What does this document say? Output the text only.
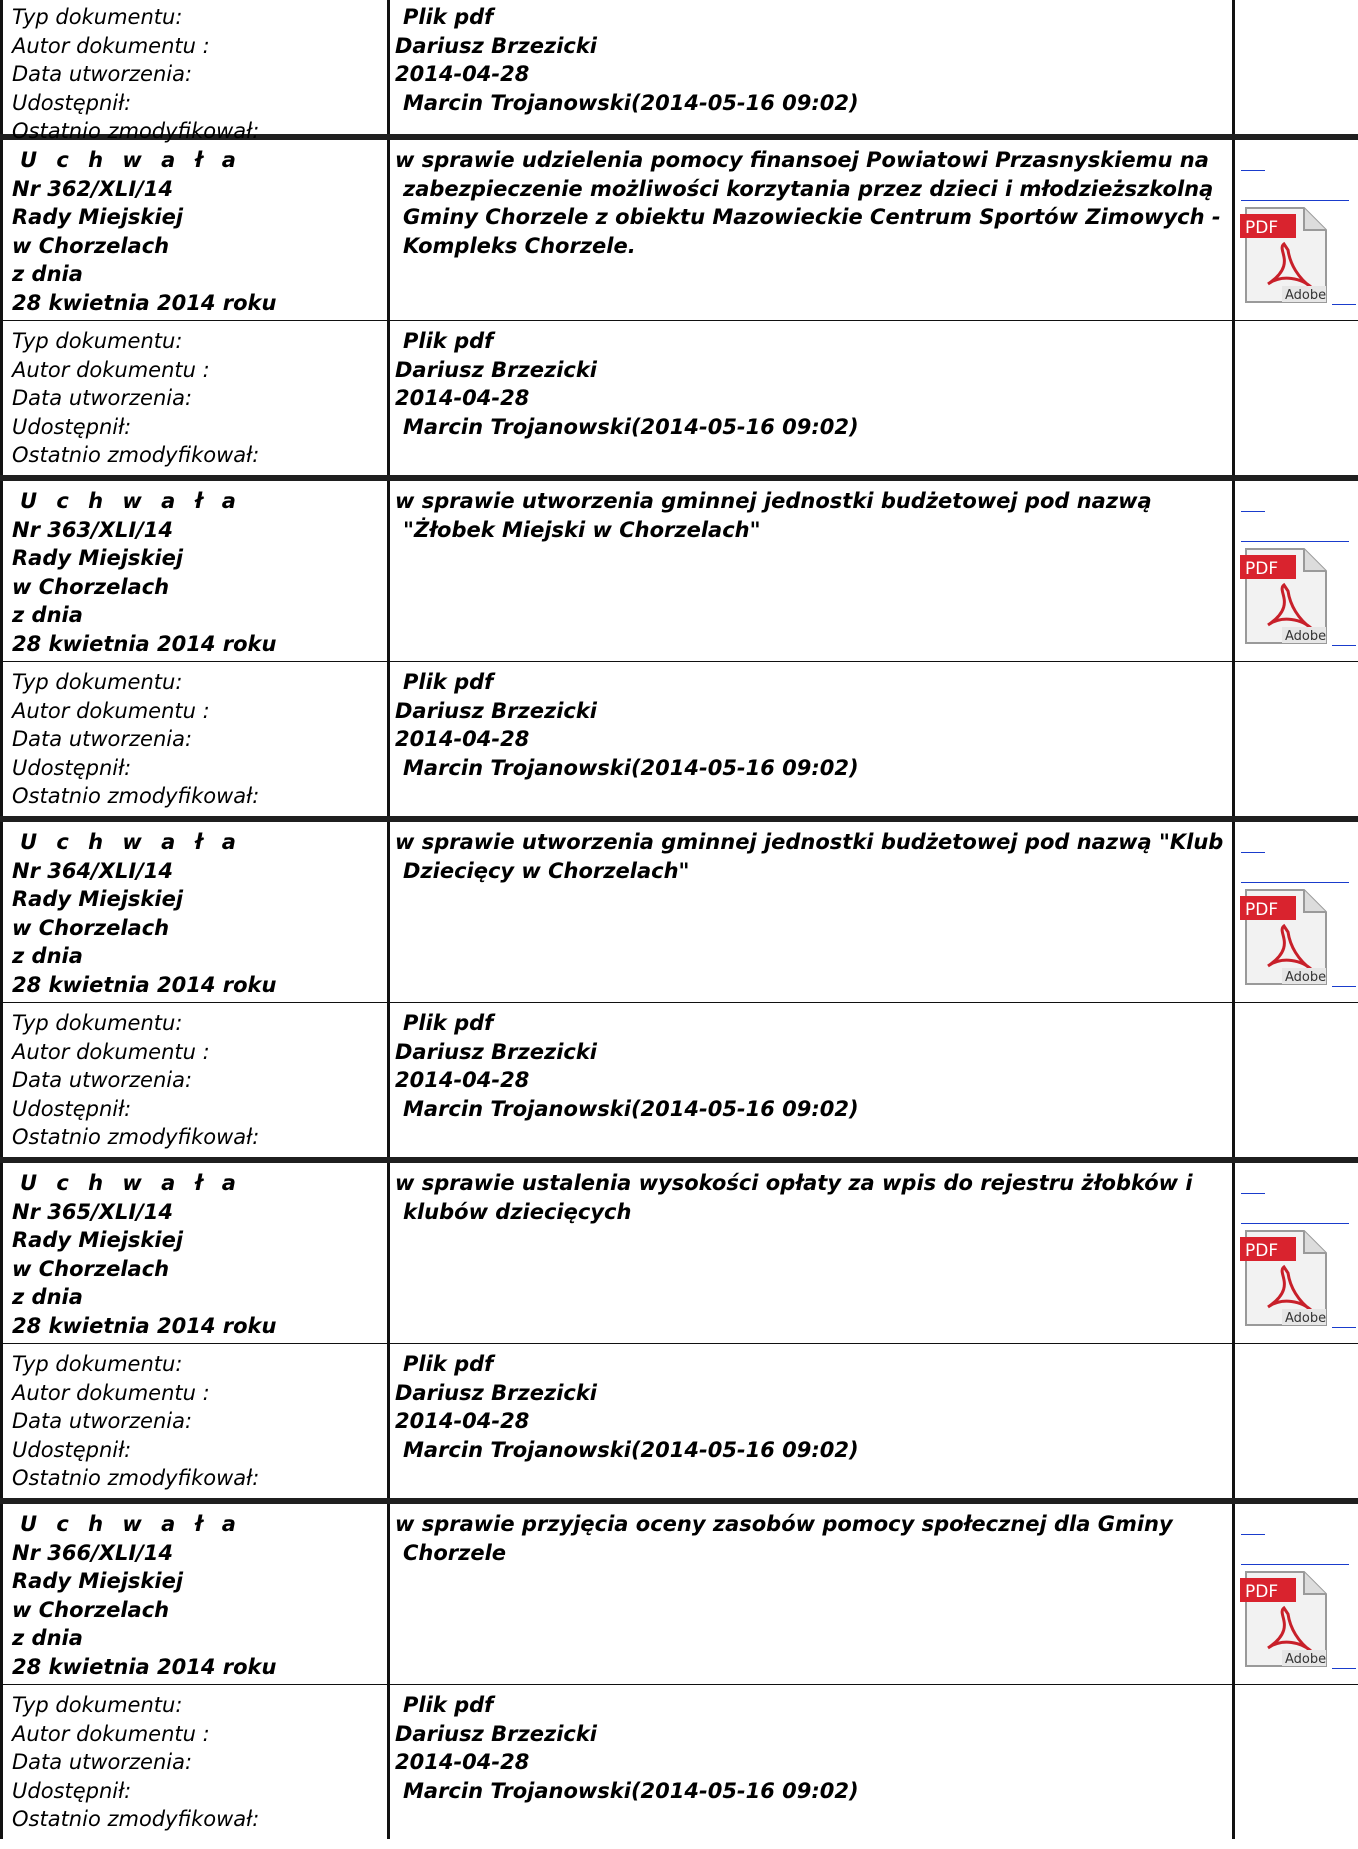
Typ dokumentu:
Autor dokumentu :
Data utworzenia:
Udostępnił:
Ostatnio zmodyfikował:
Plik pdf
Dariusz Brzezicki
2014-04-28
Marcin Trojanowski(2014-05-16 09:02)
U c h w a ł a
Nr 362/XLI/14
Rady Miejskiej
w Chorzelach
z dnia
28 kwietnia 2014 roku

w sprawie udzielenia pomocy finansoej Powiatowi Przasnyskiemu na zabezpieczenie możliwości korzytania przez dzieci i młodzieższkolną Gminy Chorzele z obiektu Mazowieckie Centrum Sportów Zimowych - Kompleks Chorzele.

PDF
Adobe
Typ dokumentu:
Autor dokumentu :
Data utworzenia:
Udostępnił:
Ostatnio zmodyfikował:
Plik pdf
Dariusz Brzezicki
2014-04-28
Marcin Trojanowski(2014-05-16 09:02)
U c h w a ł a
Nr 363/XLI/14
Rady Miejskiej
w Chorzelach
z dnia
28 kwietnia 2014 roku

w sprawie utworzenia gminnej jednostki budżetowej pod nazwą "Żłobek Miejski w Chorzelach"

PDF
Adobe
Typ dokumentu:
Autor dokumentu :
Data utworzenia:
Udostępnił:
Ostatnio zmodyfikował:
Plik pdf
Dariusz Brzezicki
2014-04-28
Marcin Trojanowski(2014-05-16 09:02)
U c h w a ł a
Nr 364/XLI/14
Rady Miejskiej
w Chorzelach
z dnia
28 kwietnia 2014 roku

w sprawie utworzenia gminnej jednostki budżetowej pod nazwą "Klub Dziecięcy w Chorzelach"

PDF
Adobe
Typ dokumentu:
Autor dokumentu :
Data utworzenia:
Udostępnił:
Ostatnio zmodyfikował:
Plik pdf
Dariusz Brzezicki
2014-04-28
Marcin Trojanowski(2014-05-16 09:02)
U c h w a ł a
Nr 365/XLI/14
Rady Miejskiej
w Chorzelach
z dnia
28 kwietnia 2014 roku

w sprawie ustalenia wysokości opłaty za wpis do rejestru żłobków i klubów dziecięcych

PDF
Adobe
Typ dokumentu:
Autor dokumentu :
Data utworzenia:
Udostępnił:
Ostatnio zmodyfikował:
Plik pdf
Dariusz Brzezicki
2014-04-28
Marcin Trojanowski(2014-05-16 09:02)
U c h w a ł a
Nr 366/XLI/14
Rady Miejskiej
w Chorzelach
z dnia
28 kwietnia 2014 roku

w sprawie przyjęcia oceny zasobów pomocy społecznej dla Gminy Chorzele

PDF
Adobe
Typ dokumentu:
Autor dokumentu :
Data utworzenia:
Udostępnił:
Ostatnio zmodyfikował:
Plik pdf
Dariusz Brzezicki
2014-04-28
Marcin Trojanowski(2014-05-16 09:02)
